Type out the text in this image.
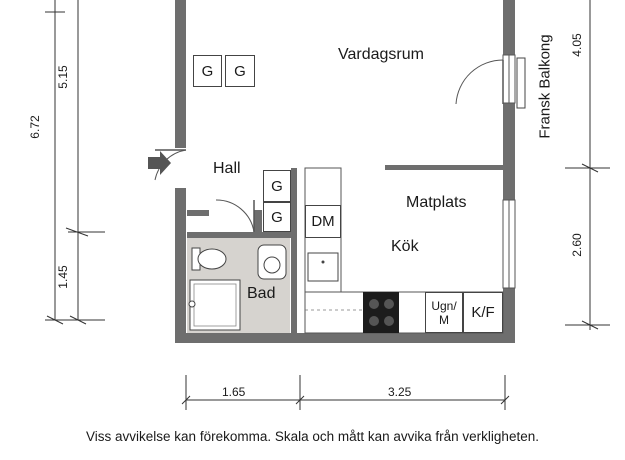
Vardagsrum
Hall
Matplats
Kök
Bad
Fransk Balkong
G	G
G
G	DM
Ugn/
M	K/F
6.72
5.15
1.45
4.05
2.60
1.65	3.25
Viss avvikelse kan förekomma. Skala och mått kan avvika från verkligheten.
